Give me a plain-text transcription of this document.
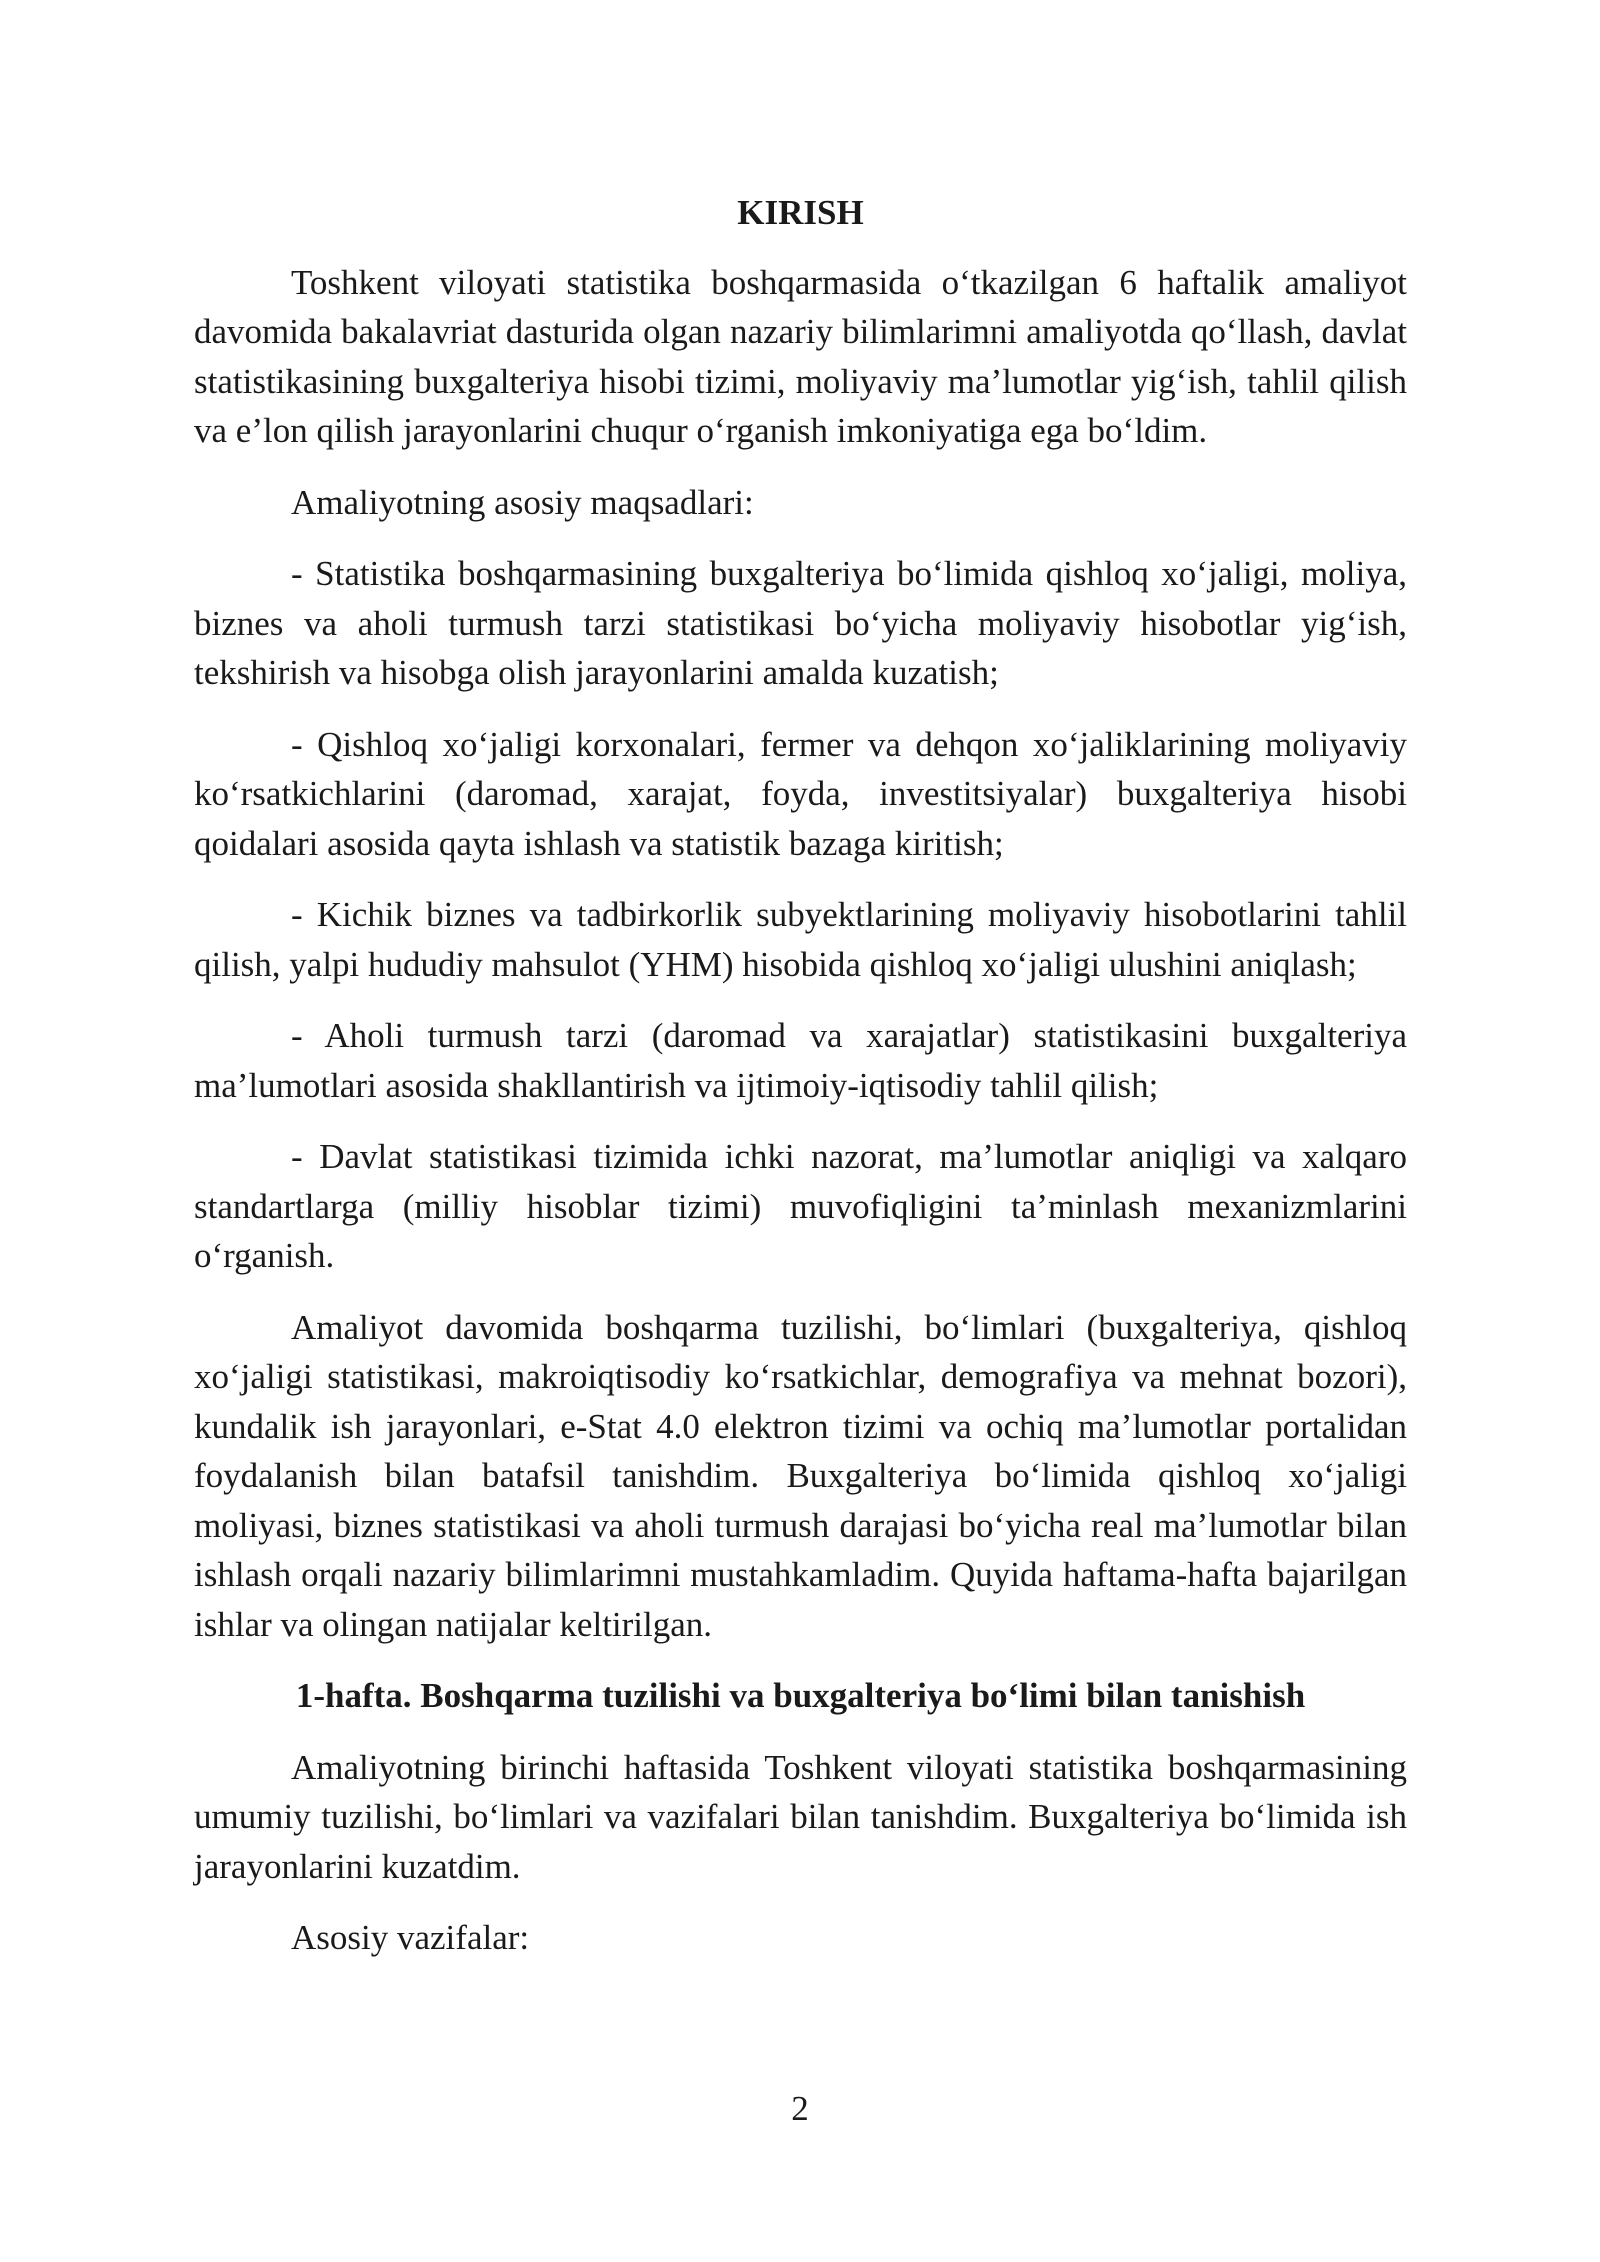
KIRISH

Toshkent viloyati statistika boshqarmasida o‘tkazilgan 6 haftalik amaliyot davomida bakalavriat dasturida olgan nazariy bilimlarimni amaliyotda qo‘llash, davlat statistikasining buxgalteriya hisobi tizimi, moliyaviy ma’lumotlar yig‘ish, tahlil qilish va e’lon qilish jarayonlarini chuqur o‘rganish imkoniyatiga ega bo‘ldim.

Amaliyotning asosiy maqsadlari:

- Statistika boshqarmasining buxgalteriya bo‘limida qishloq xo‘jaligi, moliya, biznes va aholi turmush tarzi statistikasi bo‘yicha moliyaviy hisobotlar yig‘ish, tekshirish va hisobga olish jarayonlarini amalda kuzatish;

- Qishloq xo‘jaligi korxonalari, fermer va dehqon xo‘jaliklarining moliyaviy ko‘rsatkichlarini (daromad, xarajat, foyda, investitsiyalar) buxgalteriya hisobi qoidalari asosida qayta ishlash va statistik bazaga kiritish;

- Kichik biznes va tadbirkorlik subyektlarining moliyaviy hisobotlarini tahlil qilish, yalpi hududiy mahsulot (YHM) hisobida qishloq xo‘jaligi ulushini aniqlash;

- Aholi turmush tarzi (daromad va xarajatlar) statistikasini buxgalteriya ma’lumotlari asosida shakllantirish va ijtimoiy-iqtisodiy tahlil qilish;

- Davlat statistikasi tizimida ichki nazorat, ma’lumotlar aniqligi va xalqaro standartlarga (milliy hisoblar tizimi) muvofiqligini ta’minlash mexanizmlarini o‘rganish.

Amaliyot davomida boshqarma tuzilishi, bo‘limlari (buxgalteriya, qishloq xo‘jaligi statistikasi, makroiqtisodiy ko‘rsatkichlar, demografiya va mehnat bozori), kundalik ish jarayonlari, e-Stat 4.0 elektron tizimi va ochiq ma’lumotlar portalidan foydalanish bilan batafsil tanishdim. Buxgalteriya bo‘limida qishloq xo‘jaligi moliyasi, biznes statistikasi va aholi turmush darajasi bo‘yicha real ma’lumotlar bilan ishlash orqali nazariy bilimlarimni mustahkamladim. Quyida haftama-hafta bajarilgan ishlar va olingan natijalar keltirilgan.

1-hafta. Boshqarma tuzilishi va buxgalteriya bo‘limi bilan tanishish

Amaliyotning birinchi haftasida Toshkent viloyati statistika boshqarmasining umumiy tuzilishi, bo‘limlari va vazifalari bilan tanishdim. Buxgalteriya bo‘limida ish jarayonlarini kuzatdim.

Asosiy vazifalar:

2
